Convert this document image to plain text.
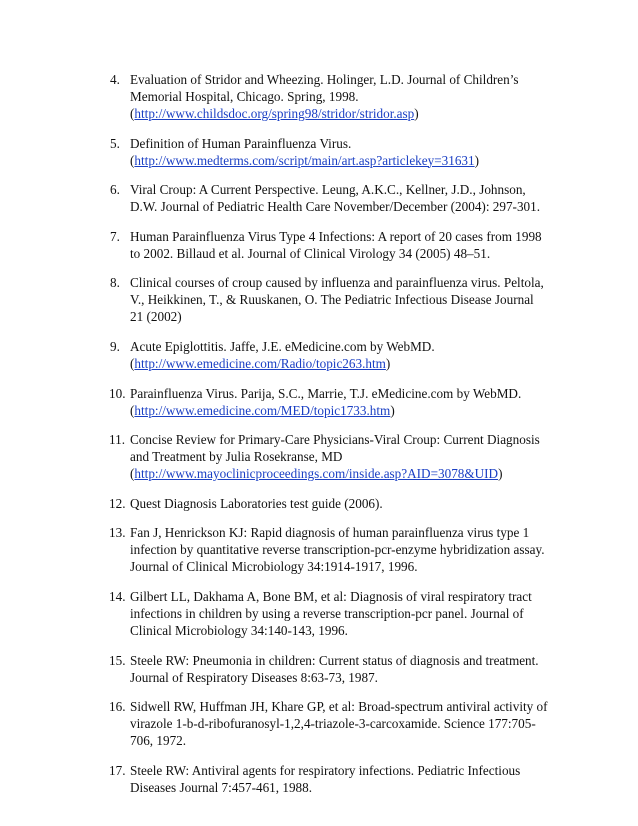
4. Evaluation of Stridor and Wheezing. Holinger, L.D. Journal of Children’s Memorial Hospital, Chicago. Spring, 1998.
(http://www.childsdoc.org/spring98/stridor/stridor.asp)
5. Definition of Human Parainfluenza Virus.
(http://www.medterms.com/script/main/art.asp?articlekey=31631)
6. Viral Croup: A Current Perspective. Leung, A.K.C., Kellner, J.D., Johnson, D.W. Journal of Pediatric Health Care November/December (2004): 297-301.
7. Human Parainfluenza Virus Type 4 Infections: A report of 20 cases from 1998 to 2002. Billaud et al. Journal of Clinical Virology 34 (2005) 48–51.
8. Clinical courses of croup caused by influenza and parainfluenza virus. Peltola, V., Heikkinen, T., & Ruuskanen, O. The Pediatric Infectious Disease Journal 21 (2002)
9. Acute Epiglottitis. Jaffe, J.E. eMedicine.com by WebMD.
(http://www.emedicine.com/Radio/topic263.htm)
10. Parainfluenza Virus. Parija, S.C., Marrie, T.J. eMedicine.com by WebMD.
(http://www.emedicine.com/MED/topic1733.htm)
11. Concise Review for Primary-Care Physicians-Viral Croup: Current Diagnosis and Treatment by Julia Rosekranse, MD
(http://www.mayoclinicproceedings.com/inside.asp?AID=3078&UID)
12. Quest Diagnosis Laboratories test guide (2006).
13. Fan J, Henrickson KJ: Rapid diagnosis of human parainfluenza virus type 1 infection by quantitative reverse transcription-pcr-enzyme hybridization assay. Journal of Clinical Microbiology 34:1914-1917, 1996.
14. Gilbert LL, Dakhama A, Bone BM, et al: Diagnosis of viral respiratory tract infections in children by using a reverse transcription-pcr panel. Journal of Clinical Microbiology 34:140-143, 1996.
15. Steele RW: Pneumonia in children: Current status of diagnosis and treatment. Journal of Respiratory Diseases 8:63-73, 1987.
16. Sidwell RW, Huffman JH, Khare GP, et al: Broad-spectrum antiviral activity of virazole 1-b-d-ribofuranosyl-1,2,4-triazole-3-carcoxamide. Science 177:705-706, 1972.
17. Steele RW: Antiviral agents for respiratory infections. Pediatric Infectious Diseases Journal 7:457-461, 1988.
